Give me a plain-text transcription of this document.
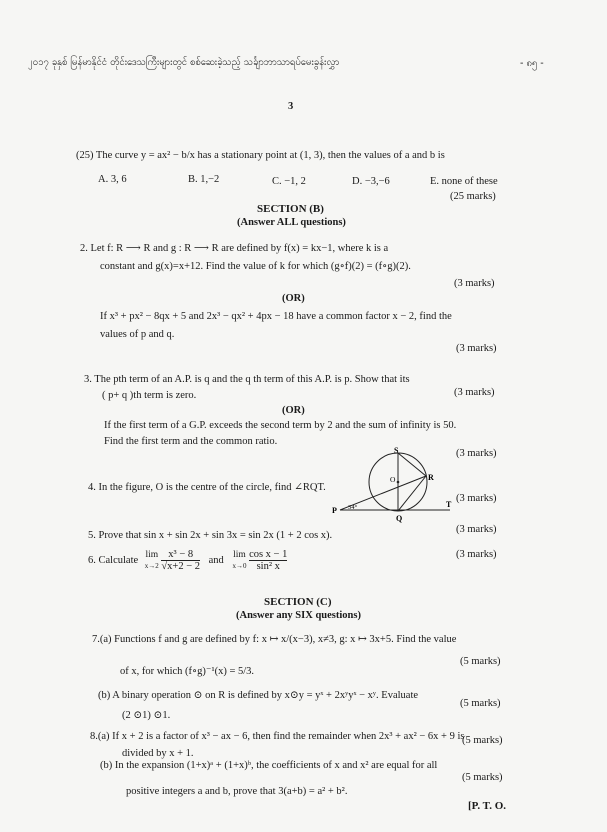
၂၀၁၇ ခုနှစ် မြန်မာနိုင်ငံ တိုင်းဒေသကြီးများတွင် စစ်ဆေးခဲ့သည့် သင်္ချာဘာသာရပ်မေးခွန်းလွှာ	- ၈၅ -
3
(25) The curve y = ax² − b/x has a stationary point at (1, 3), then the values of a and b is
A. 3, 6	B. 1,−2	C. −1, 2	D. −3,−6	E. none of these
(25 marks)
SECTION (B)
(Answer ALL questions)
2. Let f: R ⟶ R and g : R ⟶ R are defined by f(x) = kx−1, where k is a
constant and g(x)=x+12. Find the value of k for which (g∘f)(2) = (f∘g)(2).
(3 marks)
(OR)
If x³ + px² − 8qx + 5 and 2x³ − qx² + 4px − 18 have a common factor x − 2, find the
values of p and q.
(3 marks)
3. The pth term of an A.P. is q and the q th term of this A.P. is p. Show that its
( p+ q )th term is zero.	(3 marks)
(OR)
If the first term of a G.P. exceeds the second term by 2 and the sum of infinity is 50.
Find the first term and the common ratio.
(3 marks)
4. In the figure, O is the centre of the circle, find ∠RQT.
(3 marks)
S
R
O
P
Q
T
34°
5. Prove that sin x + sin 2x + sin 3x = sin 2x (1 + 2 cos x).
(3 marks)
6. Calculate
lim
x→2
$\frac{\text{x³ − 8}}{√x+2 - 2}$ and
lim
x→0
$\frac{\text{cos x − 1}}{\text{sin² x}}$	(3 marks)
SECTION (C)
(Answer any SIX questions)
7.(a) Functions f and g are defined by f: x ↦ x/(x−3), x≠3, g: x ↦ 3x+5. Find the value
of x, for which (f∘g)⁻¹(x) = 5/3.
(5 marks)
(b) A binary operation ⊙ on R is defined by x⊙y = yˣ + 2xʸyˣ − xʸ. Evaluate
(2 ⊙1) ⊙1.
(5 marks)
8.(a) If x + 2 is a factor of x³ − ax − 6, then find the remainder when 2x³ + ax² − 6x + 9 is
divided by x + 1.
(5 marks)
(b) In the expansion (1+x)ᵃ + (1+x)ᵇ, the coefficients of x and x² are equal for all
positive integers a and b, prove that 3(a+b) = a² + b².
(5 marks)
[P. T. O.
